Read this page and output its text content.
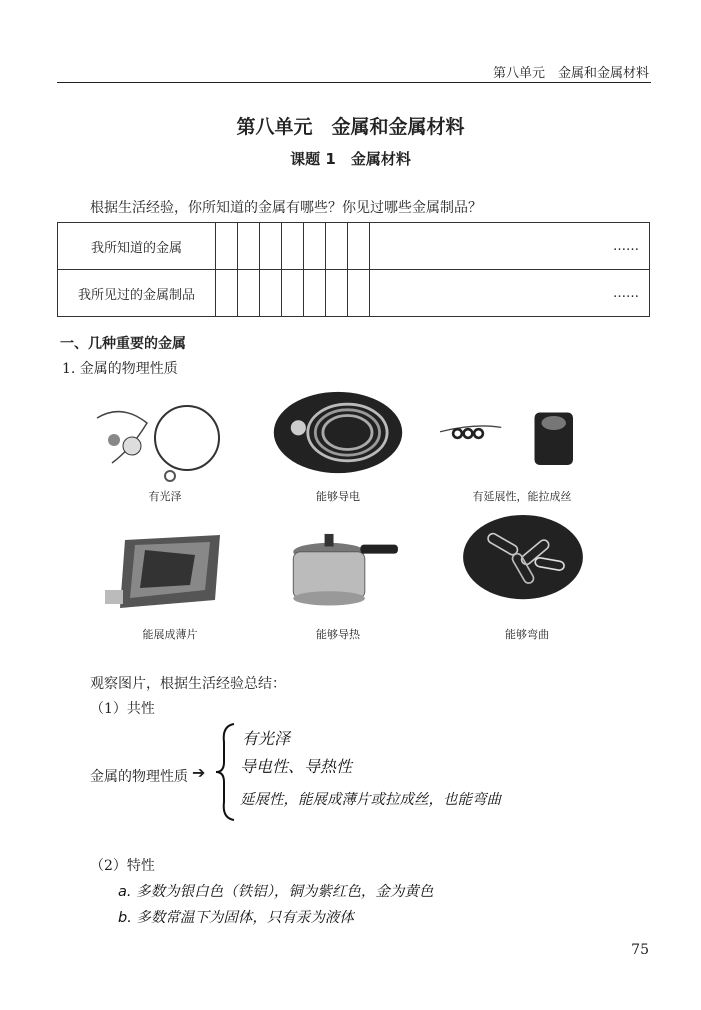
第八单元　金属和金属材料
第八单元　金属和金属材料
课题 1　金属材料
根据生活经验，你所知道的金属有哪些？你见过哪些金属制品？
我所知道的金属								……
我所见过的金属制品								……
一、几种重要的金属
1. 金属的物理性质
有光泽	能够导电	有延展性，能拉成丝
能展成薄片	能够导热	能够弯曲
观察图片，根据生活经验总结：
（1）共性
金属的物理性质 ➔
有光泽
导电性、导热性
延展性，能展成薄片或拉成丝，也能弯曲
（2）特性
a. 多数为银白色（铁铝），铜为紫红色，金为黄色
b. 多数常温下为固体，只有汞为液体
75
